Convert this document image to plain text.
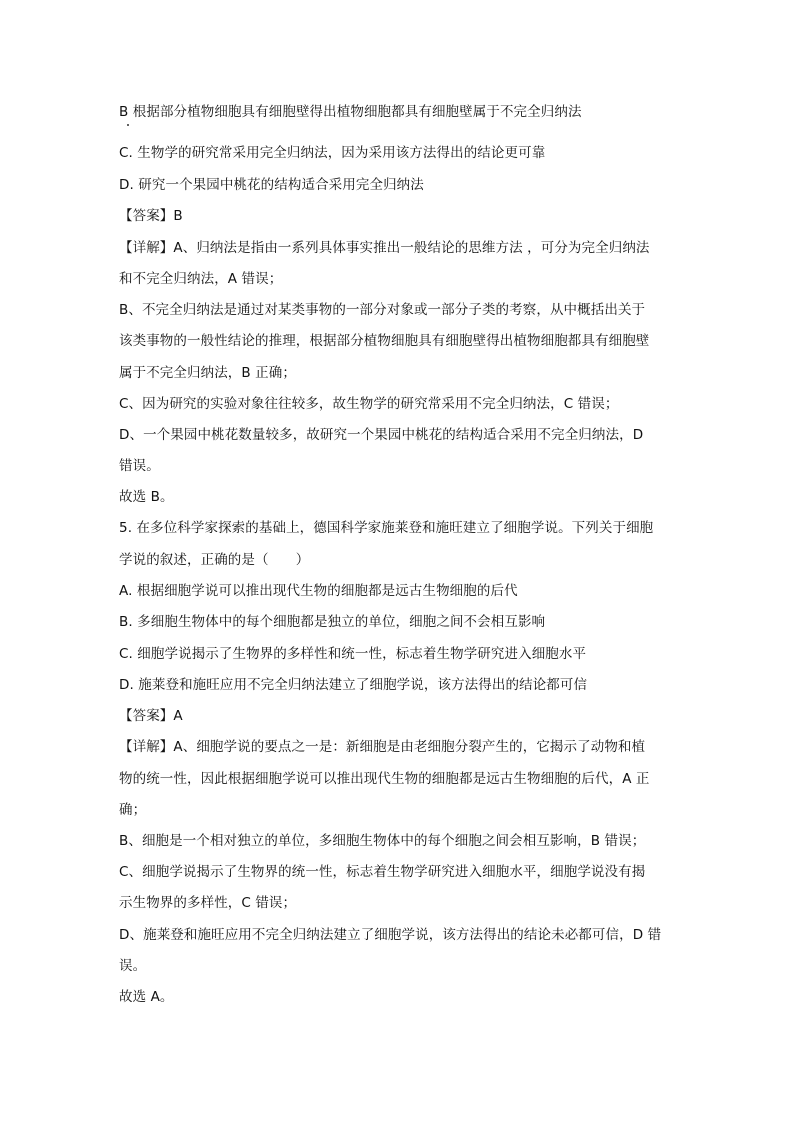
B 根据部分植物细胞具有细胞壁得出植物细胞都具有细胞壁属于不完全归纳法
C. 生物学的研究常采用完全归纳法，因为采用该方法得出的结论更可靠
D. 研究一个果园中桃花的结构适合采用完全归纳法
【答案】B
【详解】A、归纳法是指由一系列具体事实推出一般结论的思维方法 ，可分为完全归纳法
和不完全归纳法，A 错误；
B、不完全归纳法是通过对某类事物的一部分对象或一部分子类的考察，从中概括出关于
该类事物的一般性结论的推理，根据部分植物细胞具有细胞壁得出植物细胞都具有细胞壁
属于不完全归纳法，B 正确；
C、因为研究的实验对象往往较多，故生物学的研究常采用不完全归纳法，C 错误；
D、一个果园中桃花数量较多，故研究一个果园中桃花的结构适合采用不完全归纳法，D
错误。
故选 B。
5. 在多位科学家探索的基础上，德国科学家施莱登和施旺建立了细胞学说。下列关于细胞
学说的叙述，正确的是（　　）
A. 根据细胞学说可以推出现代生物的细胞都是远古生物细胞的后代
B. 多细胞生物体中的每个细胞都是独立的单位，细胞之间不会相互影响
C. 细胞学说揭示了生物界的多样性和统一性，标志着生物学研究进入细胞水平
D. 施莱登和施旺应用不完全归纳法建立了细胞学说，该方法得出的结论都可信
【答案】A
【详解】A、细胞学说的要点之一是：新细胞是由老细胞分裂产生的，它揭示了动物和植
物的统一性，因此根据细胞学说可以推出现代生物的细胞都是远古生物细胞的后代，A 正
确；
B、细胞是一个相对独立的单位，多细胞生物体中的每个细胞之间会相互影响，B 错误；
C、细胞学说揭示了生物界的统一性，标志着生物学研究进入细胞水平，细胞学说没有揭
示生物界的多样性，C 错误；
D、施莱登和施旺应用不完全归纳法建立了细胞学说，该方法得出的结论未必都可信，D 错
误。
故选 A。
